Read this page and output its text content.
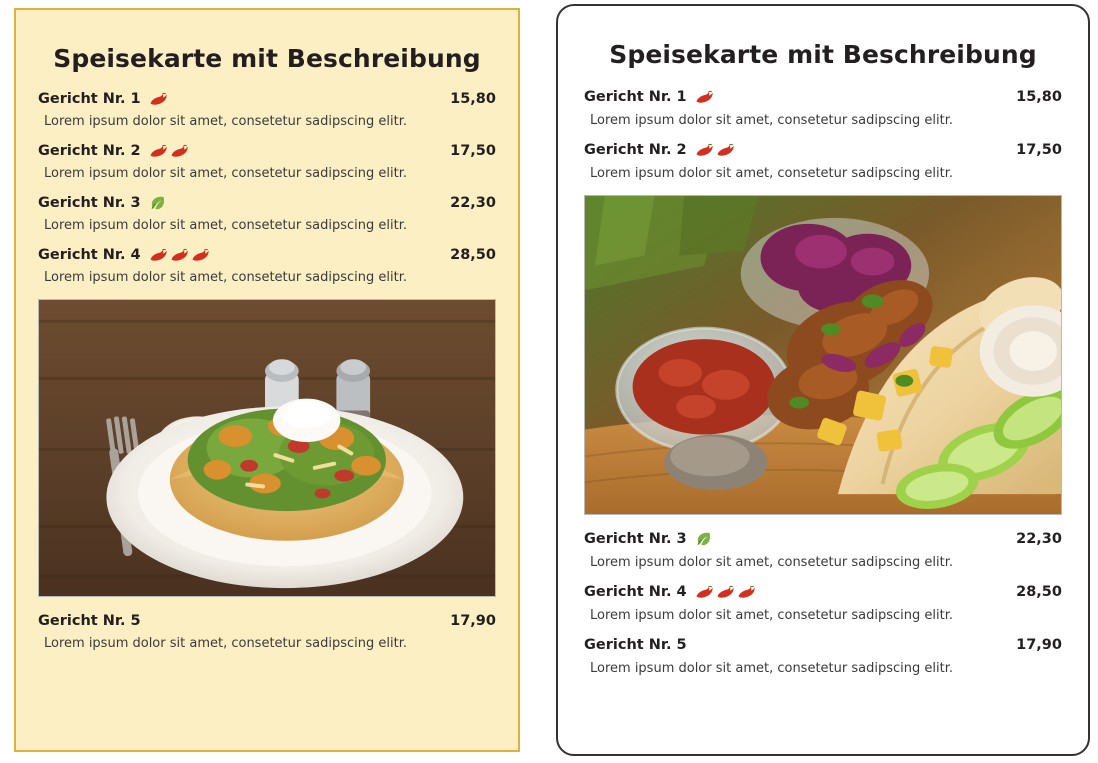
Speisekarte mit Beschreibung
Gericht Nr. 1	15,80
Lorem ipsum dolor sit amet, consetetur sadipscing elitr.
Gericht Nr. 2	17,50
Lorem ipsum dolor sit amet, consetetur sadipscing elitr.
Gericht Nr. 3	22,30
Lorem ipsum dolor sit amet, consetetur sadipscing elitr.
Gericht Nr. 4	28,50
Lorem ipsum dolor sit amet, consetetur sadipscing elitr.
Gericht Nr. 5	17,90
Lorem ipsum dolor sit amet, consetetur sadipscing elitr.
Speisekarte mit Beschreibung
Gericht Nr. 1	15,80
Lorem ipsum dolor sit amet, consetetur sadipscing elitr.
Gericht Nr. 2	17,50
Lorem ipsum dolor sit amet, consetetur sadipscing elitr.
Gericht Nr. 3	22,30
Lorem ipsum dolor sit amet, consetetur sadipscing elitr.
Gericht Nr. 4	28,50
Lorem ipsum dolor sit amet, consetetur sadipscing elitr.
Gericht Nr. 5	17,90
Lorem ipsum dolor sit amet, consetetur sadipscing elitr.
